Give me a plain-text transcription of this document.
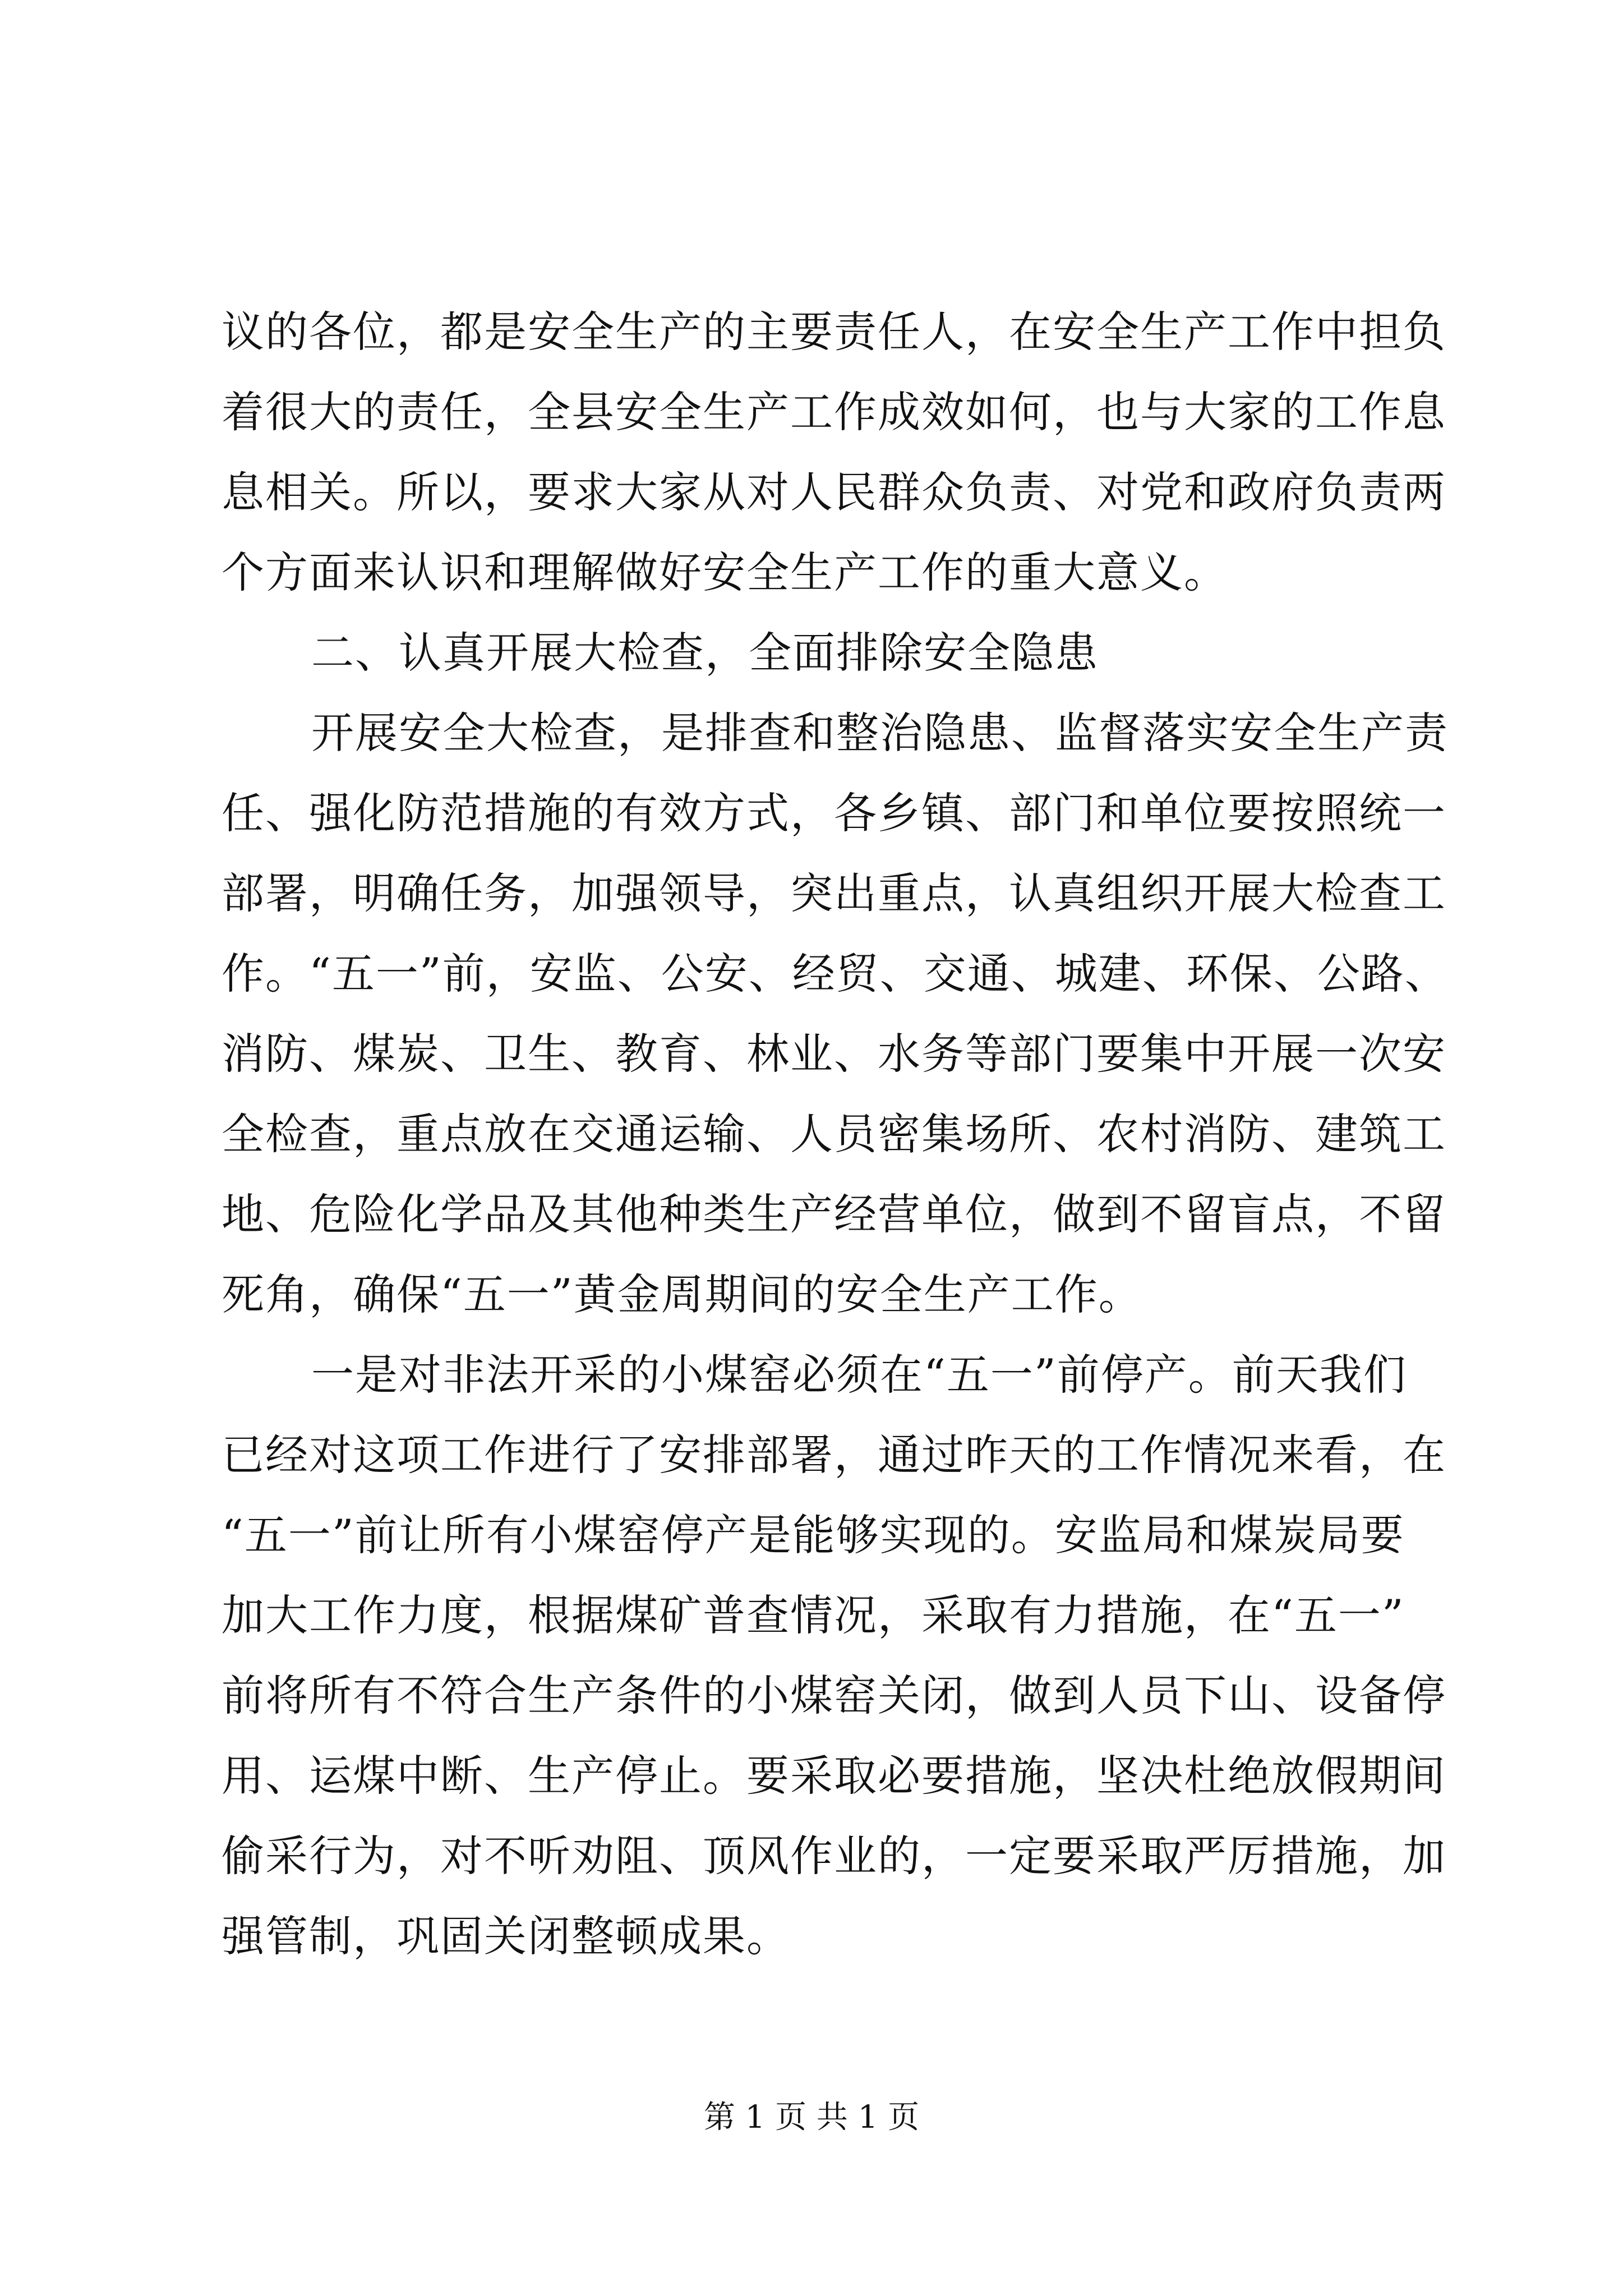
议的各位，都是安全生产的主要责任人，在安全生产工作中担负
着很大的责任，全县安全生产工作成效如何，也与大家的工作息
息相关。所以，要求大家从对人民群众负责、对党和政府负责两
个方面来认识和理解做好安全生产工作的重大意义。
二、认真开展大检查，全面排除安全隐患
开展安全大检查，是排查和整治隐患、监督落实安全生产责
任、强化防范措施的有效方式，各乡镇、部门和单位要按照统一
部署，明确任务，加强领导，突出重点，认真组织开展大检查工
作。“五一”前，安监、公安、经贸、交通、城建、环保、公路、
消防、煤炭、卫生、教育、林业、水务等部门要集中开展一次安
全检查，重点放在交通运输、人员密集场所、农村消防、建筑工
地、危险化学品及其他种类生产经营单位，做到不留盲点，不留
死角，确保“五一”黄金周期间的安全生产工作。
一是对非法开采的小煤窑必须在“五一”前停产。前天我们
已经对这项工作进行了安排部署，通过昨天的工作情况来看，在
“五一”前让所有小煤窑停产是能够实现的。安监局和煤炭局要
加大工作力度，根据煤矿普查情况，采取有力措施，在“五一”
前将所有不符合生产条件的小煤窑关闭，做到人员下山、设备停
用、运煤中断、生产停止。要采取必要措施，坚决杜绝放假期间
偷采行为，对不听劝阻、顶风作业的，一定要采取严厉措施，加
强管制，巩固关闭整顿成果。
第 1 页 共 1 页
